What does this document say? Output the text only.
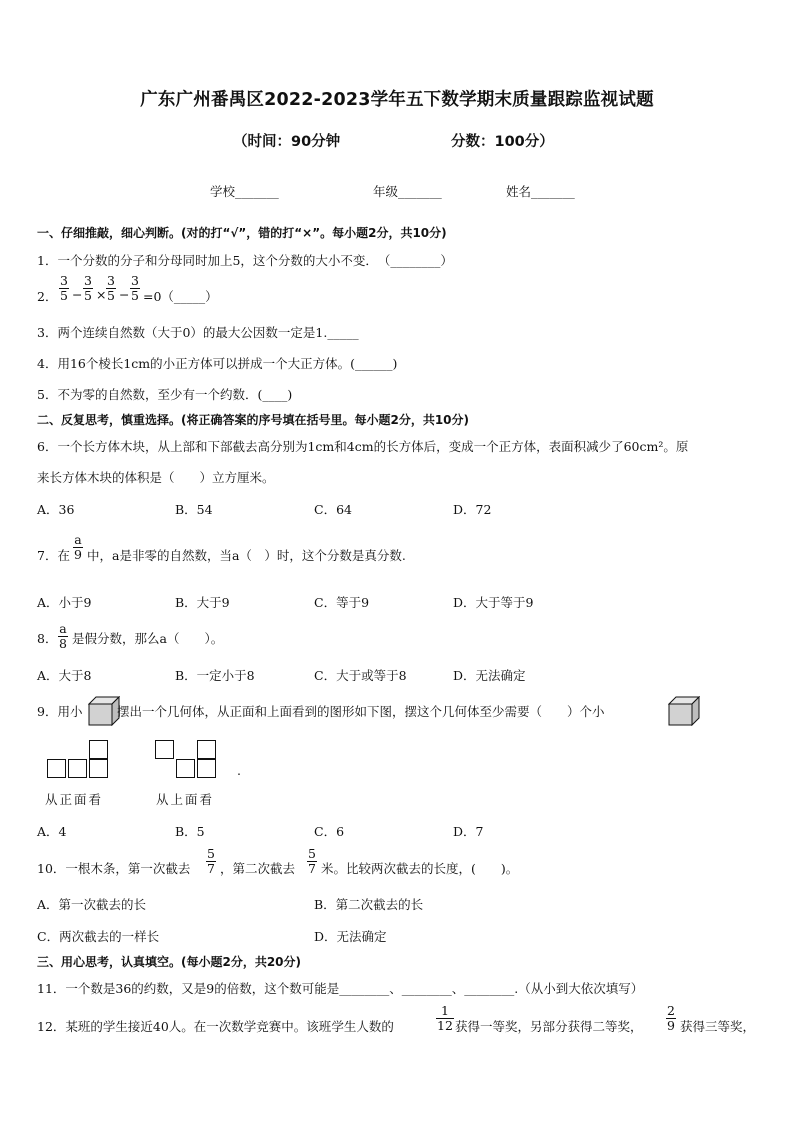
广东广州番禺区2022-2023学年五下数学期末质量跟踪监视试题
（时间：90分钟	分数：100分）
学校_______	年级_______	姓名_______
一、仔细推敲，细心判断。(对的打“√”，错的打“×”。每小题2分，共10分)
1．一个分数的分子和分母同时加上5，这个分数的大小不变．　（________）
2． $\frac{3}{5} - \frac{3}{5} \times \frac{3}{5} - \frac{3}{5}$ =0（_____）
3．两个连续自然数（大于0）的最大公因数一定是1._____
4．用16个棱长1cm的小正方体可以拼成一个大正方体。(______)
5．不为零的自然数，至少有一个约数．(____)
二、反复思考，慎重选择。(将正确答案的序号填在括号里。每小题2分，共10分)
6．一个长方体木块，从上部和下部截去高分别为1cm和4cm的长方体后，变成一个正方体，表面积减少了60cm²。原
来长方体木块的体积是（　　）立方厘米。
A．36	B．54	C．64	D．72
7．在 $\frac{a}{9}$ 中，a是非零的自然数，当a（　）时，这个分数是真分数.
A．小于9	B．大于9	C．等于9	D．大于等于9
8． $\frac{a}{8}$ 是假分数，那么a（　　）。
A．大于8	B．一定小于8	C．大于或等于8	D．无法确定
9．用小	摆出一个几何体，从正面和上面看到的图形如下图，摆这个几何体至少需要（　　）个小
从正面看	从上面看
.
A．4	B．5	C．6	D．7
10．一根木条，第一次截去 $\frac{5}{7}$ ，第二次截去 $\frac{5}{7}$ 米。比较两次截去的长度，(　　)。
A．第一次截去的长	B．第二次截去的长
C．两次截去的一样长	D．无法确定
三、用心思考，认真填空。(每小题2分，共20分)
11．一个数是36的约数，又是9的倍数，这个数可能是________、________、________.（从小到大依次填写）
12．某班的学生接近40人。在一次数学竞赛中。该班学生人数的	$\frac{1}{12}$ 获得一等奖，另部分获得二等奖， $\frac{2}{9}$ 获得三等奖，
